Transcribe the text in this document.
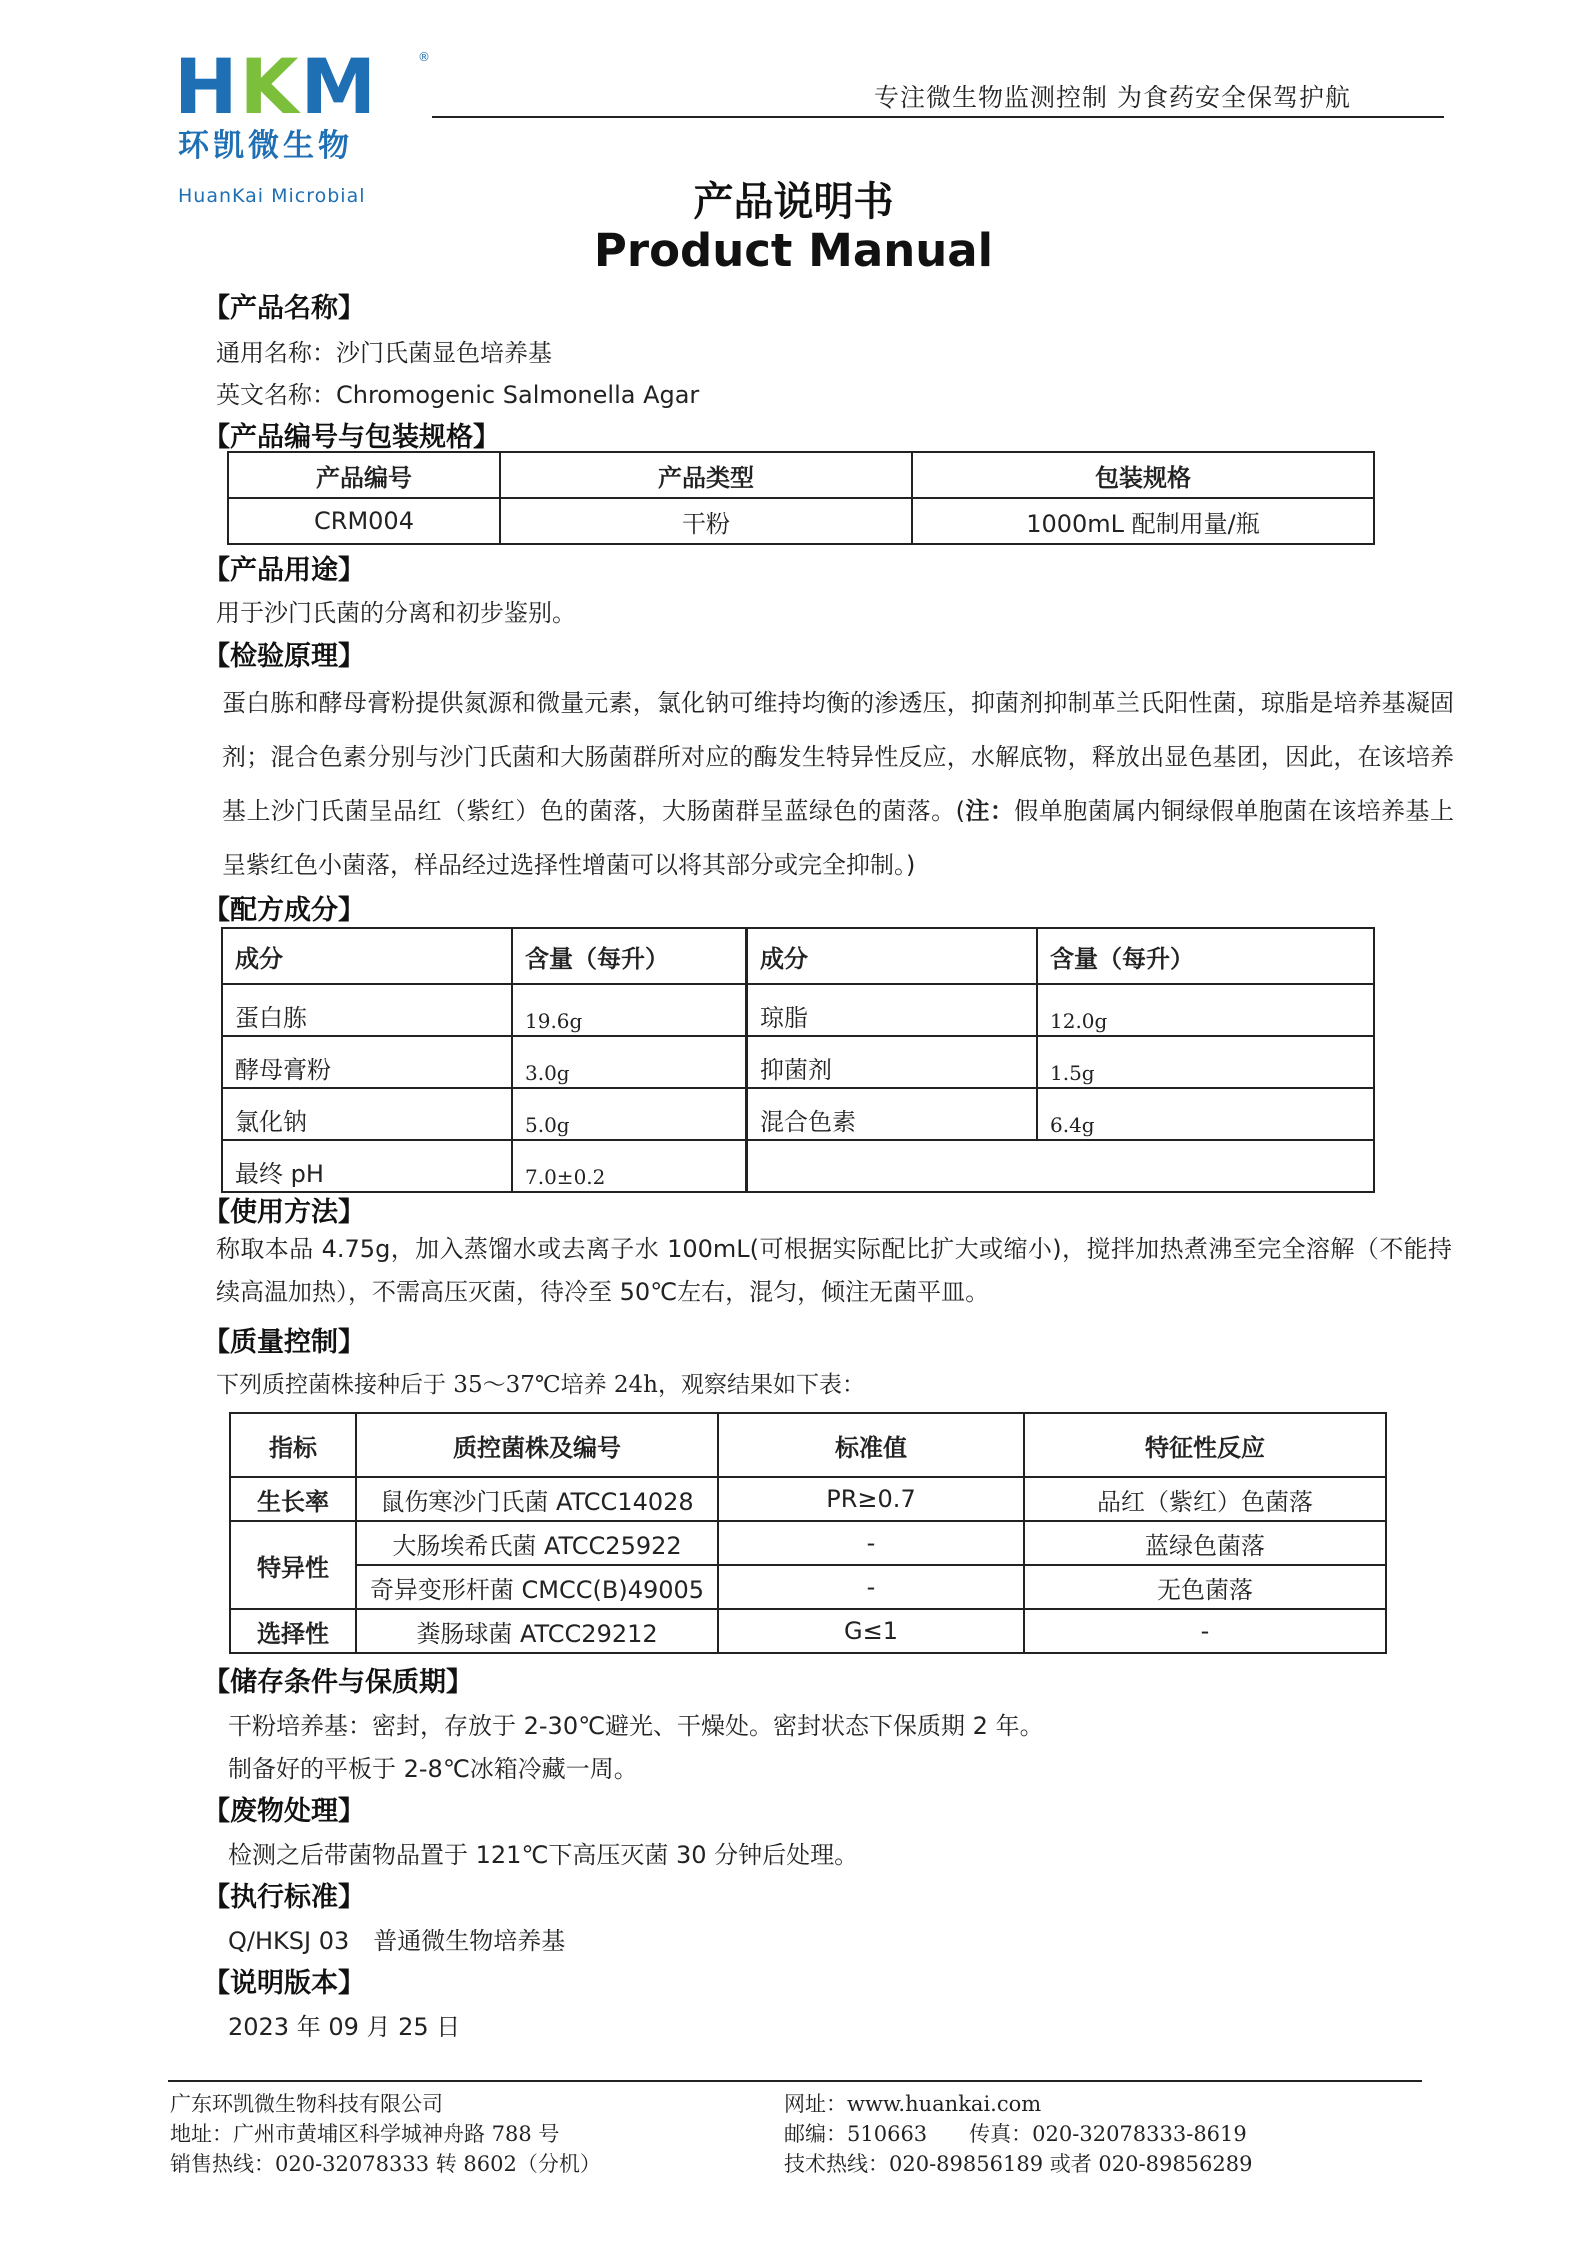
HKM	®
环凯微生物
HuanKai Microbial
专注微生物监测控制 为食药安全保驾护航
产品说明书
Product Manual
【产品名称】
通用名称：沙门氏菌显色培养基
英文名称：Chromogenic Salmonella Agar
【产品编号与包装规格】
产品编号	产品类型	包装规格
CRM004	干粉	1000mL 配制用量/瓶
【产品用途】
用于沙门氏菌的分离和初步鉴别。
【检验原理】
蛋白胨和酵母膏粉提供氮源和微量元素，氯化钠可维持均衡的渗透压，抑菌剂抑制革兰氏阳性菌，琼脂是培养基凝固剂；混合色素分别与沙门氏菌和大肠菌群所对应的酶发生特异性反应，水解底物，释放出显色基团，因此，在该培养基上沙门氏菌呈品红（紫红）色的菌落，大肠菌群呈蓝绿色的菌落。(注：假单胞菌属内铜绿假单胞菌在该培养基上呈紫红色小菌落，样品经过选择性增菌可以将其部分或完全抑制。)
【配方成分】
成分	含量（每升）	成分	含量（每升）
蛋白胨	19.6g	琼脂	12.0g
酵母膏粉	3.0g	抑菌剂	1.5g
氯化钠	5.0g	混合色素	6.4g
最终 pH	7.0±0.2		
【使用方法】
称取本品 4.75g，加入蒸馏水或去离子水 100mL(可根据实际配比扩大或缩小)，搅拌加热煮沸至完全溶解（不能持续高温加热），不需高压灭菌，待冷至 50℃左右，混匀，倾注无菌平皿。
【质量控制】
下列质控菌株接种后于 35～37℃培养 24h，观察结果如下表：
指标	质控菌株及编号	标准值	特征性反应
生长率	鼠伤寒沙门氏菌 ATCC14028	PR≥0.7	品红（紫红）色菌落
特异性	大肠埃希氏菌 ATCC25922	-	蓝绿色菌落
	奇异变形杆菌 CMCC(B)49005	-	无色菌落
选择性	粪肠球菌 ATCC29212	G≤1	-
【储存条件与保质期】
干粉培养基：密封，存放于 2-30℃避光、干燥处。密封状态下保质期 2 年。
制备好的平板于 2-8℃冰箱冷藏一周。
【废物处理】
检测之后带菌物品置于 121℃下高压灭菌 30 分钟后处理。
【执行标准】
Q/HKSJ 03　普通微生物培养基
【说明版本】
2023 年 09 月 25 日
广东环凯微生物科技有限公司
地址：广州市黄埔区科学城神舟路 788 号
销售热线：020-32078333 转 8602（分机）
网址：www.huankai.com
邮编：510663　　传真：020-32078333-8619
技术热线：020-89856189 或者 020-89856289
